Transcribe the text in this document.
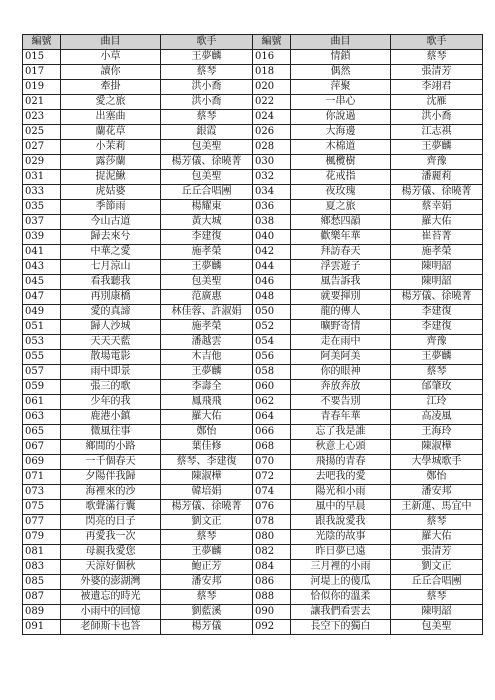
編號	曲目	歌手	編號	曲目	歌手
015	小草	王夢麟	016	情鎖	蔡琴
017	讀你	蔡琴	018	偶然	張清芳
019	牽掛	洪小喬	020	萍聚	李翊君
021	愛之旅	洪小喬	022	一串心	沈雁
023	出塞曲	蔡琴	024	你說過	洪小喬
025	蘭花草	銀霞	026	大海邊	江志祺
027	小茉莉	包美聖	028	木棉道	王夢麟
029	露莎蘭	楊芳儀、徐曉菁	030	楓欖樹	齊豫
031	捉泥鰍	包美聖	032	花戒指	潘麗莉
033	虎姑婆	丘丘合唱團	034	夜玫瑰	楊芳儀、徐曉菁
035	季節雨	楊耀東	036	夏之旅	蔡幸娟
037	今山古道	黃大城	038	鄉愁四韻	羅大佑
039	歸去來兮	李建復	040	歡樂年華	崔苔菁
041	中華之愛	施孝榮	042	拜訪春天	施孝榮
043	七月涼山	王夢麟	044	浮雲遊子	陳明韶
045	看我聽我	包美聖	046	風告訴我	陳明韶
047	再別康橋	范廣惠	048	就要揮別	楊芳儀、徐曉菁
049	愛的真諦	林佳蓉、許淑娟	050	龍的傳人	李建復
051	歸人沙城	施孝榮	052	曠野寄情	李建復
053	天天天藍	潘越雲	054	走在雨中	齊豫
055	散場電影	木吉他	056	阿美阿美	王夢麟
057	雨中即景	王夢麟	058	你的眼神	蔡琴
059	張三的歌	李壽全	060	奔放奔放	邰肇玫
061	少年的我	鳳飛飛	062	不要告別	江玲
063	鹿港小鎮	羅大佑	064	青春年華	高凌風
065	微風往事	鄭怡	066	忘了我是誰	王海玲
067	鄉間的小路	葉佳修	068	秋意上心頭	陳淑樺
069	一千個春天	蔡琴、李建復	070	飛揚的青春	大學城歌手
071	夕陽伴我歸	陳淑樺	072	去吧我的愛	鄭怡
073	海裡來的沙	韓培娟	074	陽光和小雨	潘安邦
075	歌聲滿行囊	楊芳儀、徐曉菁	076	風中的早晨	王新蓮、馬宜中
077	閃亮的日子	劉文正	078	跟我說愛我	蔡琴
079	再愛我一次	蔡琴	080	光陰的故事	羅大佑
081	母親我愛您	王夢麟	082	昨日夢已遠	張清芳
083	天涼好個秋	鮑正芳	084	三月裡的小雨	劉文正
085	外婆的澎湖灣	潘安邦	086	河堤上的傻瓜	丘丘合唱團
087	被遺忘的時光	蔡琴	088	恰似你的溫柔	蔡琴
089	小雨中的回憶	劉藍溪	090	讓我們看雲去	陳明韶
091	老師斯卡也答	楊芳儀	092	長空下的獨白	包美聖
